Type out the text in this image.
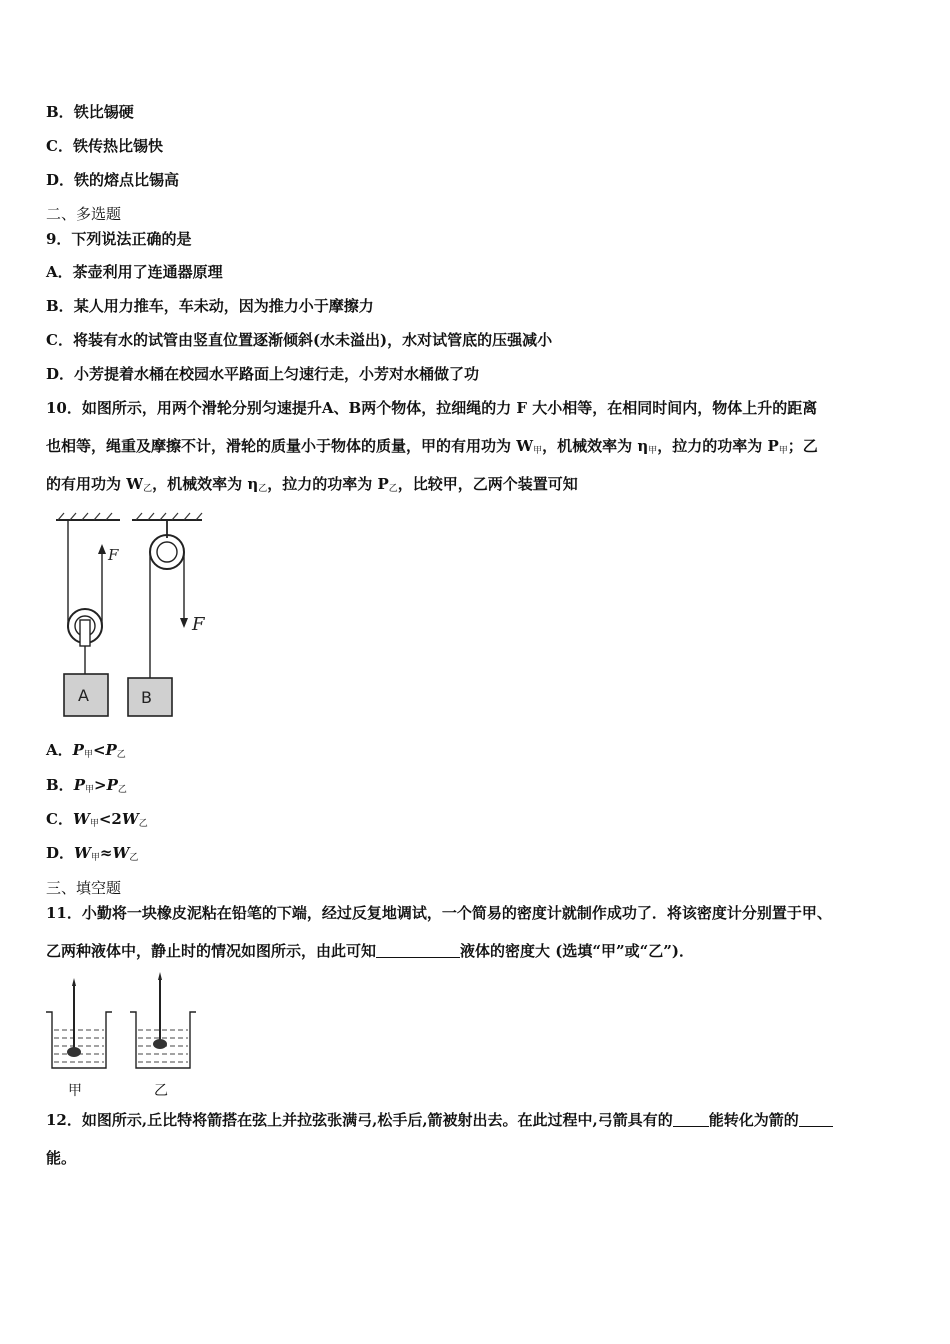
B．铁比锡硬
C．铁传热比锡快
D．铁的熔点比锡高
二、多选题
9．下列说法正确的是
A．茶壶利用了连通器原理
B．某人用力推车，车未动，因为推力小于摩擦力
C．将装有水的试管由竖直位置逐渐倾斜(水未溢出)，水对试管底的压强减小
D．小芳提着水桶在校园水平路面上匀速行走，小芳对水桶做了功
10．如图所示，用两个滑轮分别匀速提升A、B两个物体，拉细绳的力 F 大小相等，在相同时间内，物体上升的距离
也相等，绳重及摩擦不计，滑轮的质量小于物体的质量，甲的有用功为 $W_甲$，机械效率为 $\eta_甲$，拉力的功率为 $P_甲$；乙
的有用功为 $W_乙$，机械效率为 $\eta_乙$，拉力的功率为 $P_乙$，比较甲，乙两个装置可知
F
A
F
B
A．$P_甲<P_乙$
B．$P_甲>P_乙$
C．$W_甲<2W_乙$
D．$W_甲\approx W_乙$
三、填空题
11．小勤将一块橡皮泥粘在铅笔的下端，经过反复地调试，一个简易的密度计就制作成功了．将该密度计分别置于甲、
乙两种液体中，静止时的情况如图所示，由此可知	液体的密度大 (选填“甲”或“乙”)．
甲	乙
12．如图所示,丘比特将箭搭在弦上并拉弦张满弓,松手后,箭被射出去。在此过程中,弓箭具有的 能转化为箭的
能。
